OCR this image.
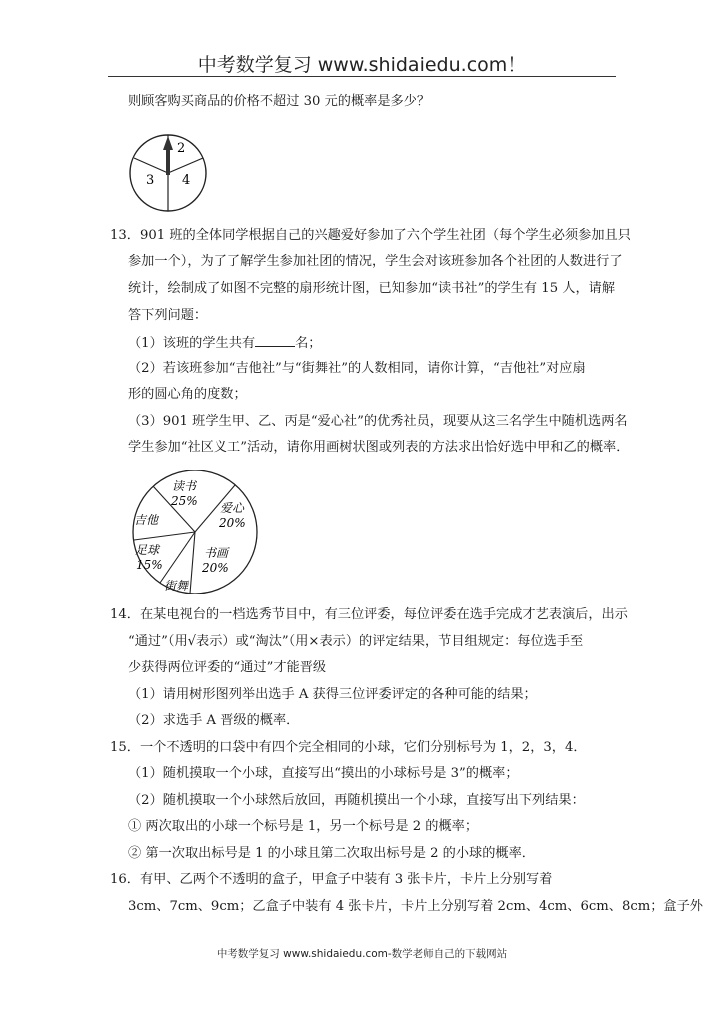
中考数学复习 www.shidaiedu.com！
则顾客购买商品的价格不超过 30 元的概率是多少？
2
3 4
13．901 班的全体同学根据自己的兴趣爱好参加了六个学生社团（每个学生必须参加且只
参加一个），为了了解学生参加社团的情况，学生会对该班参加各个社团的人数进行了
统计，绘制成了如图不完整的扇形统计图，已知参加“读书社”的学生有 15 人，请解
答下列问题：
（1）该班的学生共有	名；
（2）若该班参加“吉他社”与“街舞社”的人数相同，请你计算，“吉他社”对应扇
形的圆心角的度数；
（3）901 班学生甲、乙、丙是“爱心社”的优秀社员，现要从这三名学生中随机选两名
学生参加“社区义工”活动，请你用画树状图或列表的方法求出恰好选中甲和乙的概率．
读书
25% 爱心
20%
吉他
足球
15%
书画
20%
街舞
14．在某电视台的一档选秀节目中，有三位评委，每位评委在选手完成才艺表演后，出示
“通过”（用√表示）或“淘汰”（用×表示）的评定结果，节目组规定：每位选手至
少获得两位评委的“通过”才能晋级
（1）请用树形图列举出选手 A 获得三位评委评定的各种可能的结果；
（2）求选手 A 晋级的概率．
15．一个不透明的口袋中有四个完全相同的小球，它们分别标号为 1，2，3，4．
（1）随机摸取一个小球，直接写出“摸出的小球标号是 3”的概率；
（2）随机摸取一个小球然后放回，再随机摸出一个小球，直接写出下列结果：
① 两次取出的小球一个标号是 1，另一个标号是 2 的概率；
② 第一次取出标号是 1 的小球且第二次取出标号是 2 的小球的概率．
16．有甲、乙两个不透明的盒子，甲盒子中装有 3 张卡片，卡片上分别写着
3cm、7cm、9cm；乙盒子中装有 4 张卡片，卡片上分别写着 2cm、4cm、6cm、8cm；盒子外
中考数学复习 www.shidaiedu.com-数学老师自己的下载网站
